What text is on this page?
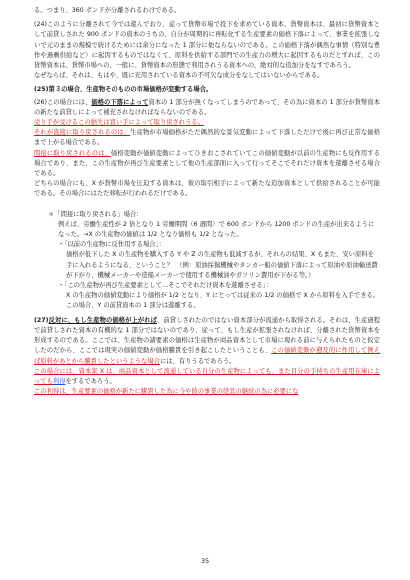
る。つまり、360 ポンドが分離されるわけである。

(24)このように分離されて今では遊んでおり、従って貨幣市場で投下を求めている資本、貨幣資本は、最初に貨幣資本として前貸しされた 900 ポンドの資本のうちの、自分が周期的に再転化する生産要素の価格下落によって、事業を拡張しないで元のままの規模で続けるためには余分になった 1 部分に他ならないのである。この価格下落が偶然な事情（特別な豊作や過剰供給など）に起因するものではなくて、原料を供給する部門での生産力の増大に起因するものだとすれば、この貨幣資本は、貨幣市場への、一般に、貨幣資本の形態で利用されうる資本への、絶対的な追加分をなすであろう。
なぜならば、それは、もはや、既に充用されている資本の不可欠な成分をなしてはいないからである。

(25)第３の場合、生産物そのものの市場価格が変動する場合。

(26)この場合には、価格の下落によって資本の 1 部分が無くなってしまうのであって、その為に資本の 1 部分が貨幣資本の新たな前貸しによって補充されなければならないのである。
売り手が受けるこの損失は買い手によって取り戻されうる。
それが直接に取り戻されるのは、生産物が市場価格がただ偶然的な景気変動によって下落しただけで後に再び正常な価格まで上がる場合である。
間接に取り戻されるのは、価格変動が価値変動によってひきおこされていてこの価値変動が以前の生産物にも反作用する場合であり、また、この生産物が再び生産要素として他の生産部面に入って行ってそこでそれだけ資本を遊離させる場合である。
どちらの場合にも、X が貨幣市場を圧迫する資本は、彼の取引相手によって新たな追加資本として供給されることが可能である。その場合にはただ移転が行われるだけである。

＊「間接に取り戻される」場合：
例えば、労働生産性が 2 倍となり 1 労働期間（6 週間）で 600 ポンドから 1200 ポンドの生産が出来るようになった。→X の生産物の価値は 1/2 となり価格も 1/2 となった。
・「以前の生産物に反作用する場合」：
価格が低下した X の生産物を購入する Y や Z の生産物も低減するが、それらの結果、X もまた、安い原料を手に入れるようになる、ということ？　（例：原油採掘機械やタンカー船の価値下落によって原油や原油輸送費が下がり、機械メーカーや造船メーカーで使用する機械油やガソリン費用が下がる等。）
・「この生産物が再び生産要素として…そこでそれだけ資本を遊離させる」：
X の生産物の価値変動により価格が 1/2 となり、Y にとっては従来の 1/2 の価格で X から原料を入手できる。この場合、Y の前貸資本の 1 部分は遊離する。

(27)反対に、もし生産物の価格が上がれば、前貸しされたのではない資本部分が流通から取得される。それは、生産過程で前貸しされた資本の有機的な 1 部分ではないのであり、従って、もし生産が拡張されなければ、分離された貨幣資本を形成するのである。ここでは、生産物の諸要素の価格は生産物が商品資本として市場に現れる前に与えられたものと仮定したのだから、ここでは現実の価値変動が価格騰貴を引き起こしたということも、この価値変動が遡及的に作用して例えば原料があとから騰貴したというような場合には、有りうるであろう。
この場合には、資本家 X は、商品資本として流通している自分の生産物によっても、また目分の手持ちの生産用在庫によっても利得をするであろう。
この利得は、生産要素の価格が新たに騰貴した為に今や彼の事業の経営の継続の為に必要にな

35
